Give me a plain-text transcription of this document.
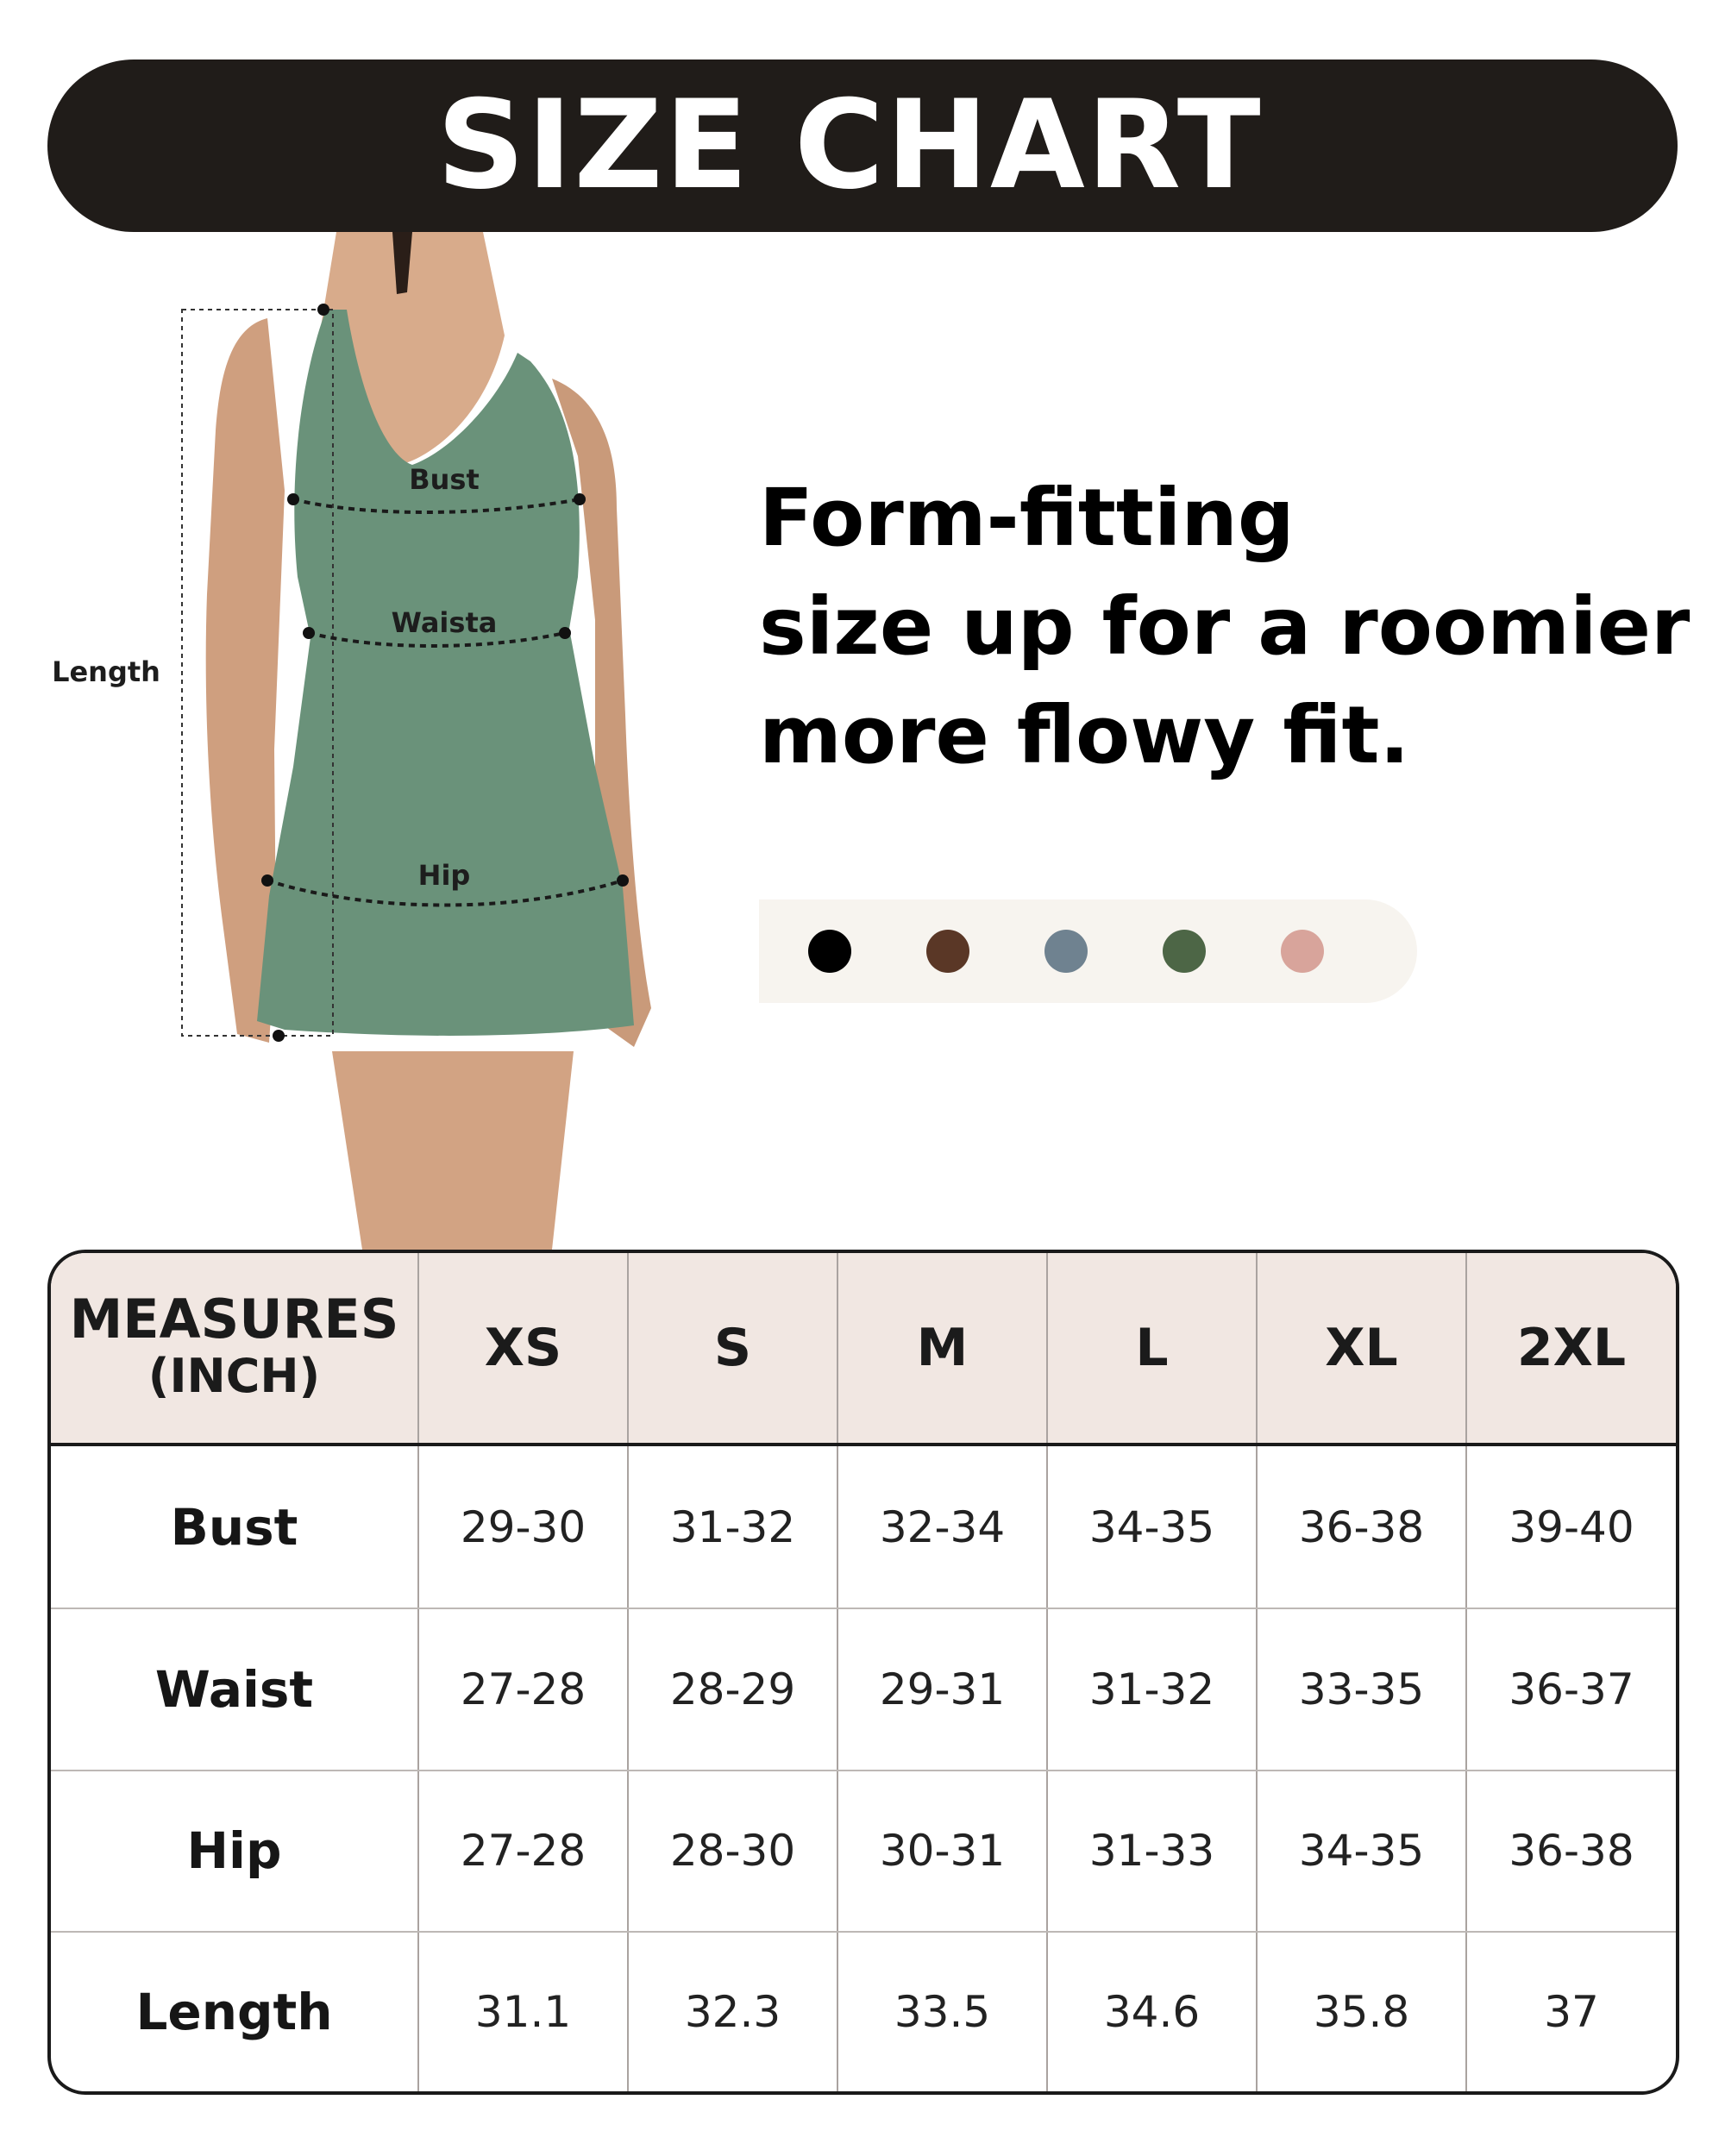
SIZE CHART
Bust
Waista
Hip
Length
Form-fitting
size up for a roomier
more flowy fit.
MEASURES
(INCH)	XS	S	M	L	XL	2XL
Bust	29-30	31-32	32-34	34-35	36-38	39-40
Waist	27-28	28-29	29-31	31-32	33-35	36-37
Hip	27-28	28-30	30-31	31-33	34-35	36-38
Length	31.1	32.3	33.5	34.6	35.8	37
